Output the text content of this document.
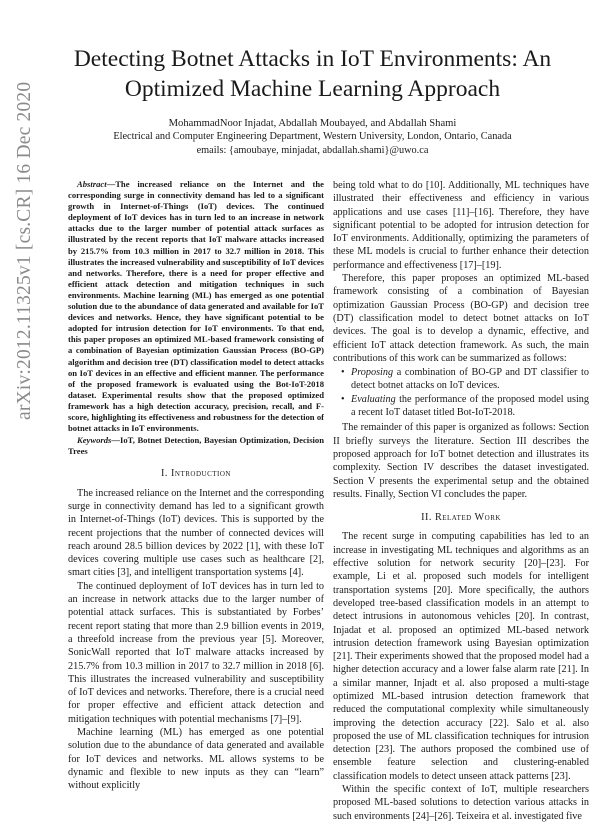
arXiv:2012.11325v1 [cs.CR] 16 Dec 2020
Detecting Botnet Attacks in IoT Environments: An Optimized Machine Learning Approach
MohammadNoor Injadat, Abdallah Moubayed, and Abdallah Shami
Electrical and Computer Engineering Department, Western University, London, Ontario, Canada
emails: {amoubaye, minjadat, abdallah.shami}@uwo.ca
Abstract—The increased reliance on the Internet and the corresponding surge in connectivity demand has led to a significant growth in Internet-of-Things (IoT) devices. The continued deployment of IoT devices has in turn led to an increase in network attacks due to the larger number of potential attack surfaces as illustrated by the recent reports that IoT malware attacks increased by 215.7% from 10.3 million in 2017 to 32.7 million in 2018. This illustrates the increased vulnerability and susceptibility of IoT devices and networks. Therefore, there is a need for proper effective and efficient attack detection and mitigation techniques in such environments. Machine learning (ML) has emerged as one potential solution due to the abundance of data generated and available for IoT devices and networks. Hence, they have significant potential to be adopted for intrusion detection for IoT environments. To that end, this paper proposes an optimized ML-based framework consisting of a combination of Bayesian optimization Gaussian Process (BO-GP) algorithm and decision tree (DT) classification model to detect attacks on IoT devices in an effective and efficient manner. The performance of the proposed framework is evaluated using the Bot-IoT-2018 dataset. Experimental results show that the proposed optimized framework has a high detection accuracy, precision, recall, and F-score, highlighting its effectiveness and robustness for the detection of botnet attacks in IoT environments.
Keywords—IoT, Botnet Detection, Bayesian Optimization, Decision Trees
I. Introduction

The increased reliance on the Internet and the corresponding surge in connectivity demand has led to a significant growth in Internet-of-Things (IoT) devices. This is supported by the recent projections that the number of connected devices will reach around 28.5 billion devices by 2022 [1], with these IoT devices covering multiple use cases such as healthcare [2], smart cities [3], and intelligent transportation systems [4].

The continued deployment of IoT devices has in turn led to an increase in network attacks due to the larger number of potential attack surfaces. This is substantiated by Forbes’ recent report stating that more than 2.9 billion events in 2019, a threefold increase from the previous year [5]. Moreover, SonicWall reported that IoT malware attacks increased by 215.7% from 10.3 million in 2017 to 32.7 million in 2018 [6]. This illustrates the increased vulnerability and susceptibility of IoT devices and networks. Therefore, there is a crucial need for proper effective and efficient attack detection and mitigation techniques with potential mechanisms [7]–[9].

Machine learning (ML) has emerged as one potential solution due to the abundance of data generated and available for IoT devices and networks. ML allows systems to be dynamic and flexible to new inputs as they can “learn” without explicitly

being told what to do [10]. Additionally, ML techniques have illustrated their effectiveness and efficiency in various applications and use cases [11]–[16]. Therefore, they have significant potential to be adopted for intrusion detection for IoT environments. Additionally, optimizing the parameters of these ML models is crucial to further enhance their detection performance and effectiveness [17]–[19].

Therefore, this paper proposes an optimized ML-based framework consisting of a combination of Bayesian optimization Gaussian Process (BO-GP) and decision tree (DT) classification model to detect botnet attacks on IoT devices. The goal is to develop a dynamic, effective, and efficient IoT attack detection framework. As such, the main contributions of this work can be summarized as follows:

• Proposing a combination of BO-GP and DT classifier to detect botnet attacks on IoT devices.
• Evaluating the performance of the proposed model using a recent IoT dataset titled Bot-IoT-2018.

The remainder of this paper is organized as follows: Section II briefly surveys the literature. Section III describes the proposed approach for IoT botnet detection and illustrates its complexity. Section IV describes the dataset investigated. Section V presents the experimental setup and the obtained results. Finally, Section VI concludes the paper.

II. Related Work

The recent surge in computing capabilities has led to an increase in investigating ML techniques and algorithms as an effective solution for network security [20]–[23]. For example, Li et al. proposed such models for intelligent transportation systems [20]. More specifically, the authors developed tree-based classification models in an attempt to detect intrusions in autonomous vehicles [20]. In contrast, Injadat et al. proposed an optimized ML-based network intrusion detection framework using Bayesian optimization [21]. Their experiments showed that the proposed model had a higher detection accuracy and a lower false alarm rate [21]. In a similar manner, Injadt et al. also proposed a multi-stage optimized ML-based intrusion detection framework that reduced the computational complexity while simultaneously improving the detection accuracy [22]. Salo et al. also proposed the use of ML classification techniques for intrusion detection [23]. The authors proposed the combined use of ensemble feature selection and clustering-enabled classification models to detect unseen attack patterns [23].

Within the specific context of IoT, multiple researchers proposed ML-based solutions to detection various attacks in such environments [24]–[26]. Teixeira et al. investigated five
